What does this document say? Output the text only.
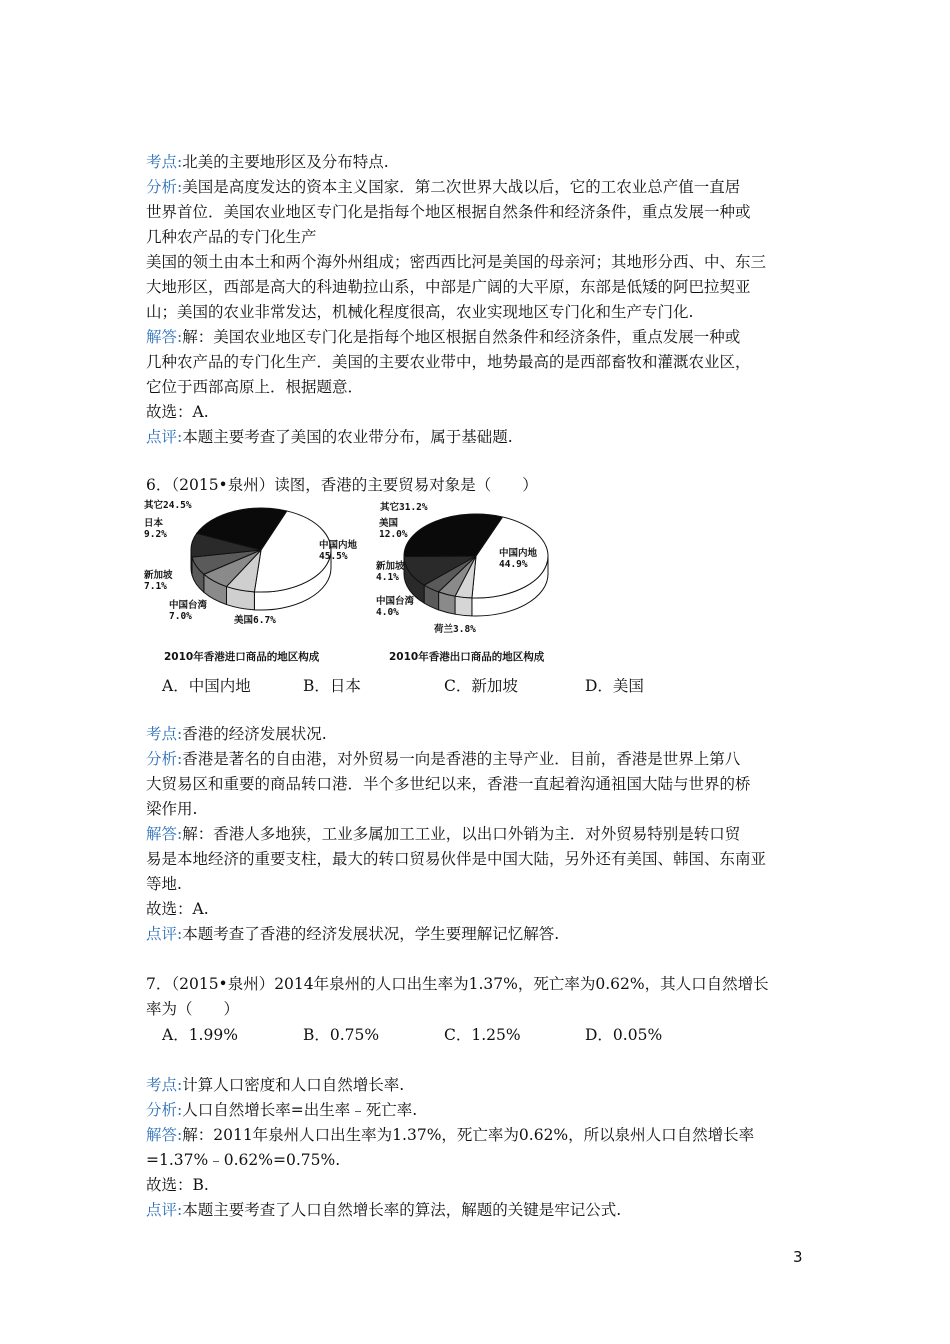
考点:北美的主要地形区及分布特点.
分析:美国是高度发达的资本主义国家．第二次世界大战以后，它的工农业总产值一直居
世界首位．美国农业地区专门化是指每个地区根据自然条件和经济条件，重点发展一种或
几种农产品的专门化生产
美国的领土由本土和两个海外州组成；密西西比河是美国的母亲河；其地形分西、中、东三
大地形区，西部是高大的科迪勒拉山系，中部是广阔的大平原，东部是低矮的阿巴拉契亚
山；美国的农业非常发达，机械化程度很高，农业实现地区专门化和生产专门化.
解答:解：美国农业地区专门化是指每个地区根据自然条件和经济条件，重点发展一种或
几种农产品的专门化生产．美国的主要农业带中，地势最高的是西部畜牧和灌溉农业区，
它位于西部高原上．根据题意．
故选：A.
点评:本题主要考查了美国的农业带分布，属于基础题.
6．（2015•泉州）读图，香港的主要贸易对象是（　　）
中国内地 45.5%
美国6.7%
中国台湾 7.0%
新加坡 7.1%
日本 9.2%
其它24.5%
2010年香港进口商品的地区构成
中国内地 44.9%
荷兰3.8%
中国台湾 4.0%
新加坡 4.1%
美国 12.0%
其它31.2%
2010年香港出口商品的地区构成
A．中国内地	B．日本	C．新加坡	D．美国
考点:香港的经济发展状况.
分析:香港是著名的自由港，对外贸易一向是香港的主导产业．目前，香港是世界上第八
大贸易区和重要的商品转口港．半个多世纪以来，香港一直起着沟通祖国大陆与世界的桥
梁作用.
解答:解：香港人多地狭，工业多属加工工业，以出口外销为主．对外贸易特别是转口贸
易是本地经济的重要支柱，最大的转口贸易伙伴是中国大陆，另外还有美国、韩国、东南亚
等地.
故选：A.
点评:本题考查了香港的经济发展状况，学生要理解记忆解答.
7．（2015•泉州）2014年泉州的人口出生率为1.37%，死亡率为0.62%，其人口自然增长
率为（　　）
A．1.99%	B．0.75%	C．1.25%	D．0.05%
考点:计算人口密度和人口自然增长率.
分析:人口自然增长率=出生率﹣死亡率.
解答:解：2011年泉州人口出生率为1.37%，死亡率为0.62%，所以泉州人口自然增长率
=1.37%﹣0.62%=0.75%.
故选：B.
点评:本题主要考查了人口自然增长率的算法，解题的关键是牢记公式.
3
